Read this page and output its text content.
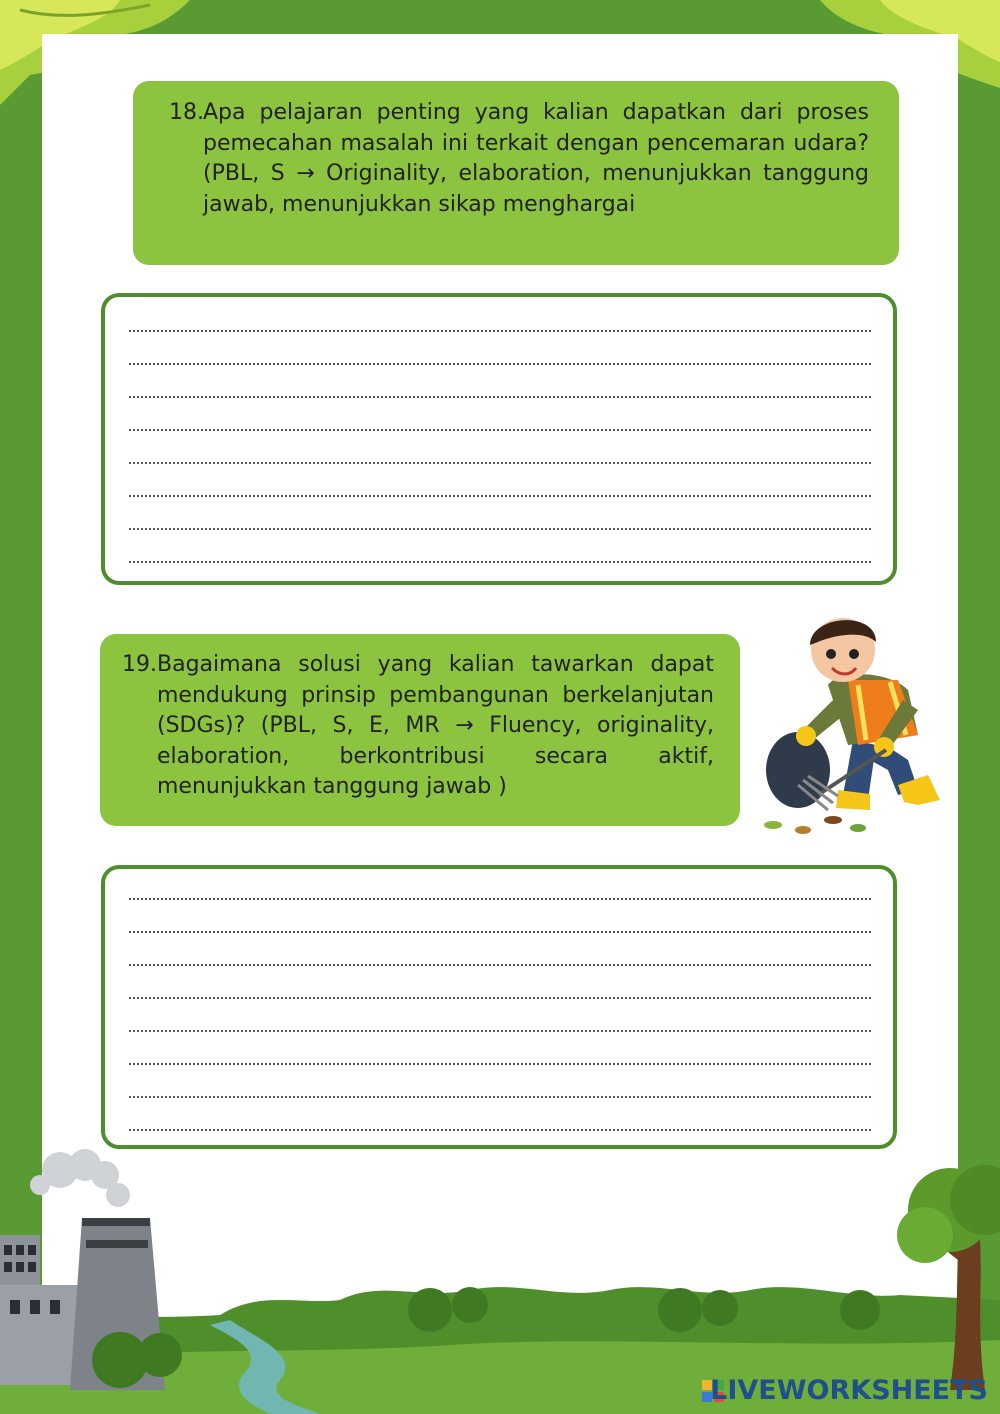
18. Apa pelajaran penting yang kalian dapatkan dari proses pemecahan masalah ini terkait dengan pencemaran udara? (PBL, S → Originality, elaboration, menunjukkan tanggung jawab, menunjukkan sikap menghargai
19. Bagaimana solusi yang kalian tawarkan dapat mendukung prinsip pembangunan berkelanjutan (SDGs)? (PBL, S, E, MR → Fluency, originality, elaboration, berkontribusi secara aktif, menunjukkan tanggung jawab )
LIVEWORKSHEETS
